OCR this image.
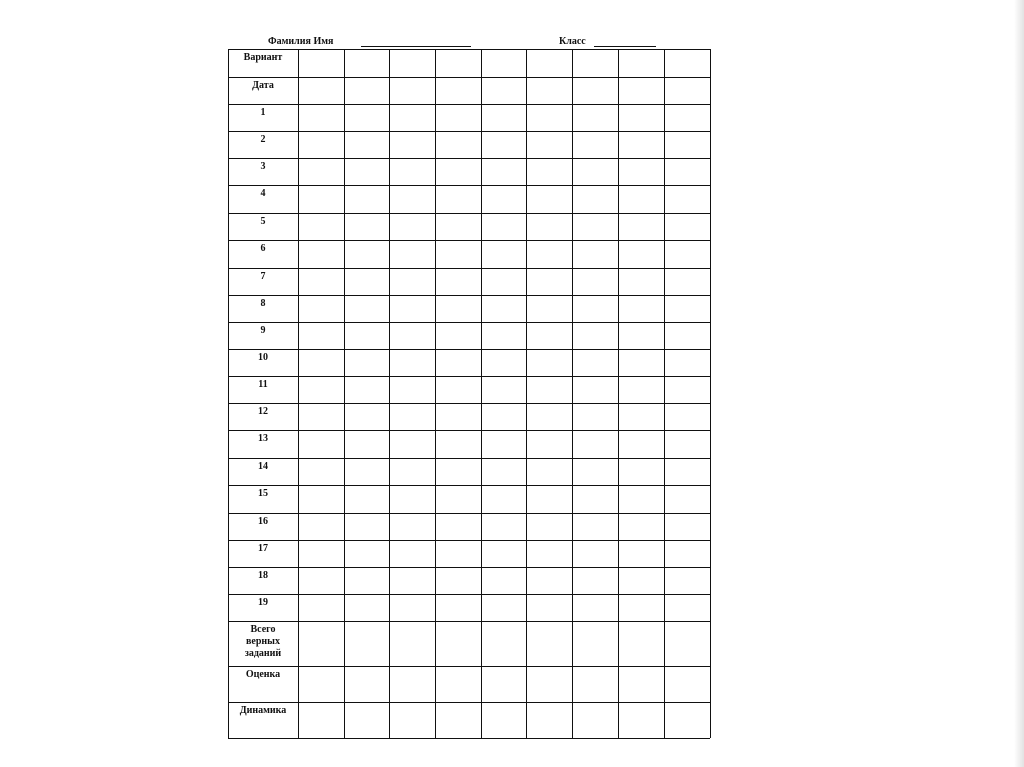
Фамилия Имя	Класс
Вариант
Дата
1
2
3
4
5
6
7
8
9
10
11
12
13
14
15
16
17
18
19
Всего
верных
заданий
Оценка
Динамика
